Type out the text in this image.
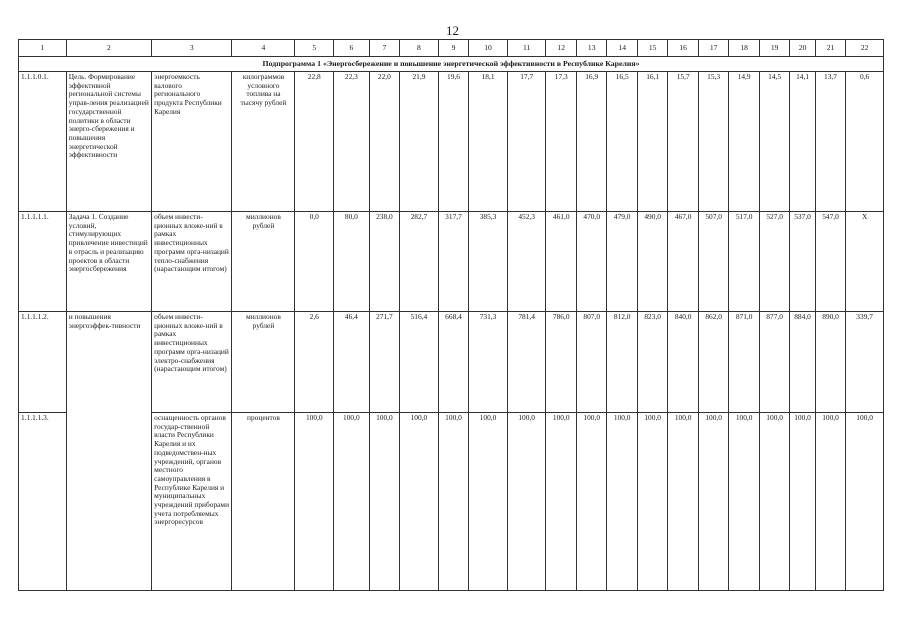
12
1	2	3	4	5	6	7	8	9	10	11	12	13	14	15	16	17	18	19	20	21	22
Подпрограмма 1 «Энергосбережение и повышение энергетической эффективности в Республике Карелия»																					
1.1.1.0.1.	Цель. Формирование эффективной региональной системы управ-ления реализацией государственной политики в области энерго-сбережения и повышения энергетической эффективности	энергоемкость валового регионального продукта Республики Карелия	килограммов условного топлива на тысячу рублей	22,8	22,3	22,0	21,9	19,6	18,1	17,7	17,3	16,9	16,5	16,1	15,7	15,3	14,9	14,5	14,1	13,7	0,6
1.1.1.1.1.	Задача 1. Создание условий, стимулирующих привлечение инвестиций в отрасль и реализацию проектов в области энергосбережения	объем инвести-ционных вложе-ний в рамках инвестиционных программ орга-низаций тепло-снабжения (нарастающим итогом)	миллионов рублей	0,0	80,0	238,0	282,7	317,7	385,3	452,3	461,0	470,0	479,0	490,0	467,0	507,0	517,0	527,0	537,0	547,0	X
1.1.1.1.2.	и повышения энергоэффек-тивности	объем инвести-ционных вложе-ний в рамках инвестиционных программ орга-низаций электро-снабжения (нарастающим итогом)	миллионов рублей	2,6	46,4	271,7	516,4	668,4	731,3	781,4	786,0	807,0	812,0	823,0	840,0	862,0	871,0	877,0	884,0	890,0	339,7
1.1.1.1.3.		оснащенность органов государ-ственной власти Республики Карелия и их подведомствен-ных учреждений, органов местного самоуправления в Республике Карелия и муниципальных учреждений приборами учета потребляемых энергоресурсов	процентов	100,0	100,0	100,0	100,0	100,0	100,0	100,0	100,0	100,0	100,0	100,0	100,0	100,0	100,0	100,0	100,0	100,0	100,0
